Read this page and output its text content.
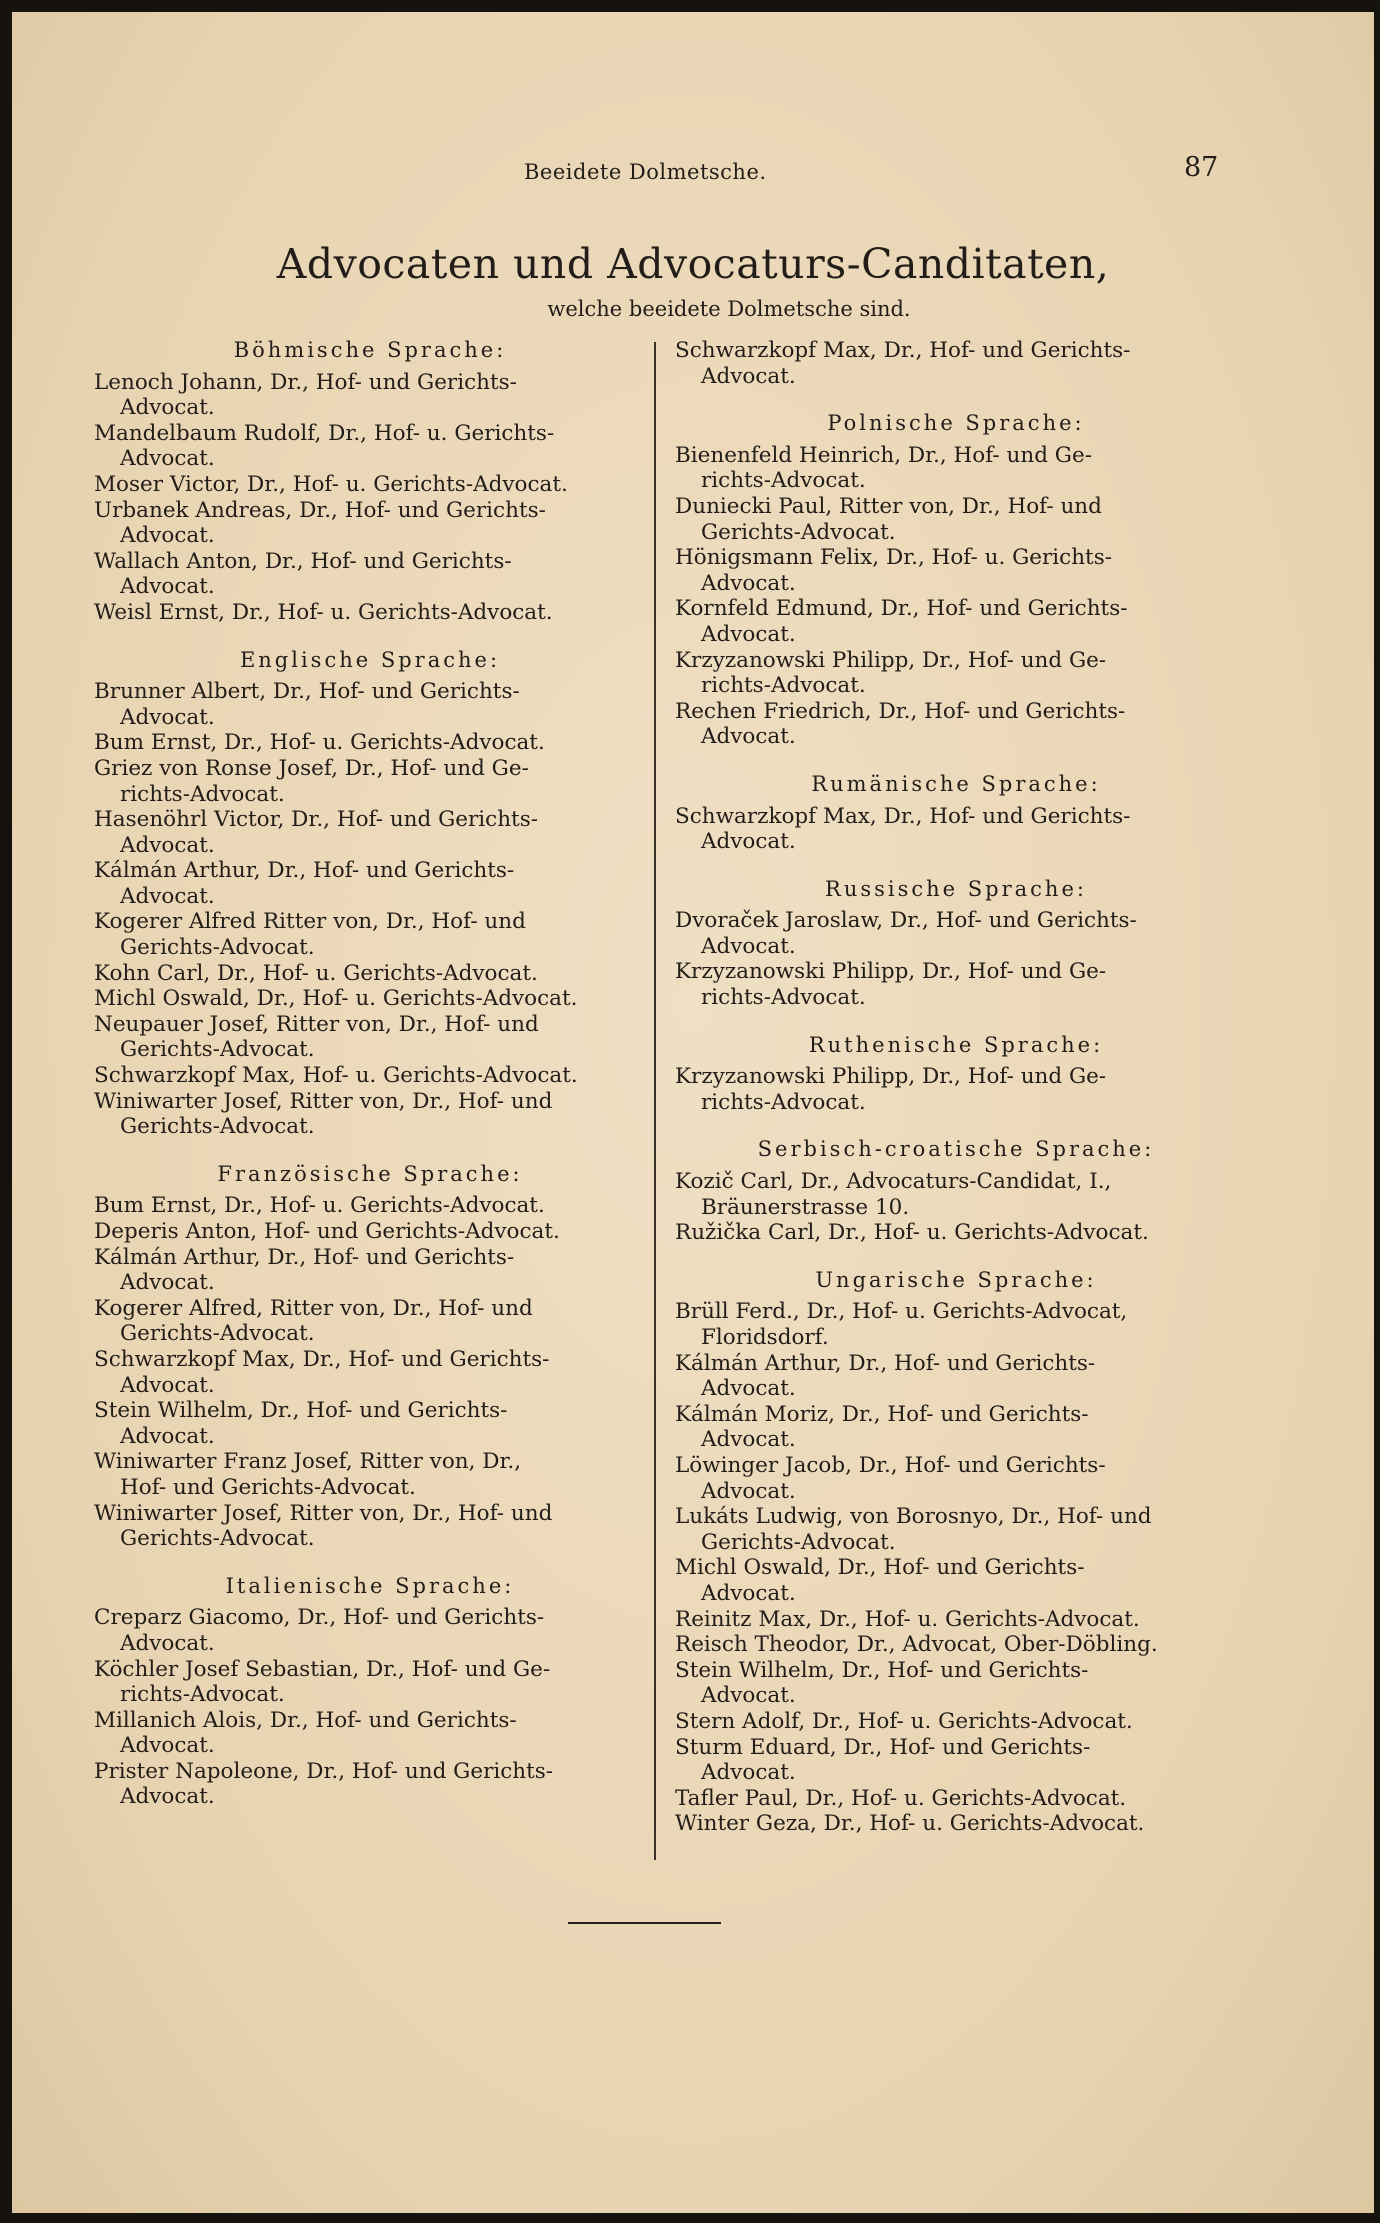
Beeidete Dolmetsche.	87
Advocaten und Advocaturs-Canditaten,
welche beeidete Dolmetsche sind.
Böhmische Sprache:
Lenoch Johann, Dr., Hof- und Gerichts-
Advocat.
Mandelbaum Rudolf, Dr., Hof- u. Gerichts-
Advocat.
Moser Victor, Dr., Hof- u. Gerichts-Advocat.
Urbanek Andreas, Dr., Hof- und Gerichts-
Advocat.
Wallach Anton, Dr., Hof- und Gerichts-
Advocat.
Weisl Ernst, Dr., Hof- u. Gerichts-Advocat.
Englische Sprache:
Brunner Albert, Dr., Hof- und Gerichts-
Advocat.
Bum Ernst, Dr., Hof- u. Gerichts-Advocat.
Griez von Ronse Josef, Dr., Hof- und Ge-
richts-Advocat.
Hasenöhrl Victor, Dr., Hof- und Gerichts-
Advocat.
Kálmán Arthur, Dr., Hof- und Gerichts-
Advocat.
Kogerer Alfred Ritter von, Dr., Hof- und
Gerichts-Advocat.
Kohn Carl, Dr., Hof- u. Gerichts-Advocat.
Michl Oswald, Dr., Hof- u. Gerichts-Advocat.
Neupauer Josef, Ritter von, Dr., Hof- und
Gerichts-Advocat.
Schwarzkopf Max, Hof- u. Gerichts-Advocat.
Winiwarter Josef, Ritter von, Dr., Hof- und
Gerichts-Advocat.
Französische Sprache:
Bum Ernst, Dr., Hof- u. Gerichts-Advocat.
Deperis Anton, Hof- und Gerichts-Advocat.
Kálmán Arthur, Dr., Hof- und Gerichts-
Advocat.
Kogerer Alfred, Ritter von, Dr., Hof- und
Gerichts-Advocat.
Schwarzkopf Max, Dr., Hof- und Gerichts-
Advocat.
Stein Wilhelm, Dr., Hof- und Gerichts-
Advocat.
Winiwarter Franz Josef, Ritter von, Dr.,
Hof- und Gerichts-Advocat.
Winiwarter Josef, Ritter von, Dr., Hof- und
Gerichts-Advocat.
Italienische Sprache:
Creparz Giacomo, Dr., Hof- und Gerichts-
Advocat.
Köchler Josef Sebastian, Dr., Hof- und Ge-
richts-Advocat.
Millanich Alois, Dr., Hof- und Gerichts-
Advocat.
Prister Napoleone, Dr., Hof- und Gerichts-
Advocat.
Schwarzkopf Max, Dr., Hof- und Gerichts-
Advocat.
Polnische Sprache:
Bienenfeld Heinrich, Dr., Hof- und Ge-
richts-Advocat.
Duniecki Paul, Ritter von, Dr., Hof- und
Gerichts-Advocat.
Hönigsmann Felix, Dr., Hof- u. Gerichts-
Advocat.
Kornfeld Edmund, Dr., Hof- und Gerichts-
Advocat.
Krzyzanowski Philipp, Dr., Hof- und Ge-
richts-Advocat.
Rechen Friedrich, Dr., Hof- und Gerichts-
Advocat.
Rumänische Sprache:
Schwarzkopf Max, Dr., Hof- und Gerichts-
Advocat.
Russische Sprache:
Dvoraček Jaroslaw, Dr., Hof- und Gerichts-
Advocat.
Krzyzanowski Philipp, Dr., Hof- und Ge-
richts-Advocat.
Ruthenische Sprache:
Krzyzanowski Philipp, Dr., Hof- und Ge-
richts-Advocat.
Serbisch-croatische Sprache:
Kozič Carl, Dr., Advocaturs-Candidat, I.,
Bräunerstrasse 10.
Ružička Carl, Dr., Hof- u. Gerichts-Advocat.
Ungarische Sprache:
Brüll Ferd., Dr., Hof- u. Gerichts-Advocat,
Floridsdorf.
Kálmán Arthur, Dr., Hof- und Gerichts-
Advocat.
Kálmán Moriz, Dr., Hof- und Gerichts-
Advocat.
Löwinger Jacob, Dr., Hof- und Gerichts-
Advocat.
Lukáts Ludwig, von Borosnyo, Dr., Hof- und
Gerichts-Advocat.
Michl Oswald, Dr., Hof- und Gerichts-
Advocat.
Reinitz Max, Dr., Hof- u. Gerichts-Advocat.
Reisch Theodor, Dr., Advocat, Ober-Döbling.
Stein Wilhelm, Dr., Hof- und Gerichts-
Advocat.
Stern Adolf, Dr., Hof- u. Gerichts-Advocat.
Sturm Eduard, Dr., Hof- und Gerichts-
Advocat.
Tafler Paul, Dr., Hof- u. Gerichts-Advocat.
Winter Geza, Dr., Hof- u. Gerichts-Advocat.
